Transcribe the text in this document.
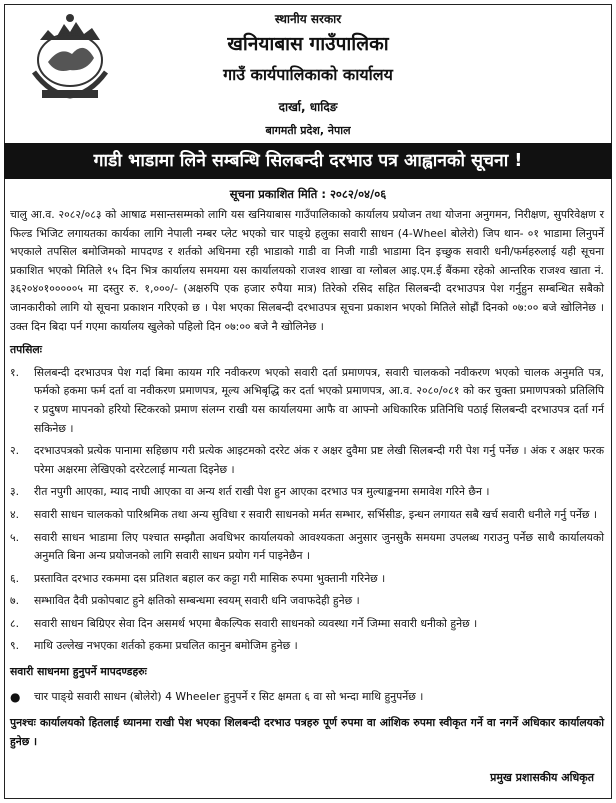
स्थानीय सरकार
खनियाबास गाउँपालिका
गाउँ कार्यपालिकाको कार्यालय
दार्खा, धादिङ
बागमती प्रदेश, नेपाल
गाडी भाडामा लिने सम्बन्धि सिलबन्दी दरभाउ पत्र आह्वानको सूचना !
सूचना प्रकाशित मिति : २०८२/०४/०६

चालु आ.व. २०८२/०८३ को आषाढ मसान्तसम्मको लागि यस खनियाबास गाउँपालिकाको कार्यालय प्रयोजन तथा योजना अनुगमन, निरीक्षण, सुपरिवेक्षण र फिल्ड भिजिट लगायतका कार्यका लागि नेपाली नम्बर प्लेट भएको चार पाङ्ग्रे हलुका सवारी साधन (4-Wheel बोलेरो) जिप थान- ०१ भाडामा लिनुपर्ने भएकाले तपसिल बमोजिमको मापदण्ड र शर्तको अधिनमा रही भाडाको गाडी वा निजी गाडी भाडामा दिन इच्छुक सवारी धनी/फर्महरुलाई यही सूचना प्रकाशित भएको मितिले १५ दिन भित्र कार्यालय समयमा यस कार्यालयको राजश्व शाखा वा ग्लोबल आइ.एम.ई बैंकमा रहेको आन्तरिक राजश्व खाता नं. ३६२०४०१०००००५ मा दस्तुर रु. १,०००/- (अक्षरुपि एक हजार रुपैया मात्र) तिरेको रसिद सहित सिलबन्दी दरभाउपत्र पेश गर्नुहुन सम्बन्धित सबैको जानकारीको लागि यो सूचना प्रकाशन गरिएको छ । पेश भएका सिलबन्दी दरभाउपत्र सूचना प्रकाशन भएको मितिले सोह्रौं दिनको ०७:०० बजे खोलिनेछ । उक्त दिन बिदा पर्न गएमा कार्यालय खुलेको पहिलो दिन ०७:०० बजे नै खोलिनेछ ।

तपसिलः
१.	सिलबन्दी दरभाउपत्र पेश गर्दा बिमा कायम गरि नवीकरण भएको सवारी दर्ता प्रमाणपत्र, सवारी चालकको नवीकरण भएको चालक अनुमति पत्र, फर्मको हकमा फर्म दर्ता वा नवीकरण प्रमाणपत्र, मूल्य अभिबृद्धि कर दर्ता भएको प्रमाणपत्र, आ.व. २०८०/०८१ को कर चुक्ता प्रमाणपत्रको प्रतिलिपि र प्रदुषण मापनको हरियो स्टिकरको प्रमाण संलग्न राखी यस कार्यालयमा आफै वा आफ्नो अधिकारिक प्रतिनिधि पठाई सिलबन्दी दरभाउपत्र दर्ता गर्न सकिनेछ ।
२.	दरभाउपत्रको प्रत्येक पानामा सहिछाप गरी प्रत्येक आइटमको दररेट अंक र अक्षर दुवैमा प्रष्ट लेखी सिलबन्दी गरी पेश गर्नु पर्नेछ । अंक र अक्षर फरक परेमा अक्षरमा लेखिएको दररेटलाई मान्यता दिइनेछ ।
३.	रीत नपुगी आएका, म्याद नाघी आएका वा अन्य शर्त राखी पेश हुन आएका दरभाउ पत्र मुल्याङ्कनमा समावेश गरिने छैन ।
४.	सवारी साधन चालकको पारिश्रमिक तथा अन्य सुविधा र सवारी साधनको मर्मत सम्भार, सर्भिसीङ, इन्धन लगायत सबै खर्च सवारी धनीले गर्नु पर्नेछ ।
५.	सवारी साधन भाडामा लिए पश्चात सम्झौता अवधिभर कार्यालयको आवश्यकता अनुसार जुनसुकै समयमा उपलब्ध गराउनु पर्नेछ साथै कार्यालयको अनुमति बिना अन्य प्रयोजनको लागि सवारी साधन प्रयोग गर्न पाइनेछैन ।
६.	प्रस्तावित दरभाउ रकममा दस प्रतिशत बहाल कर कट्टा गरी मासिक रुपमा भुक्तानी गरिनेछ ।
७.	सम्भावित दैवी प्रकोपबाट हुने क्षतिको सम्बन्धमा स्वयम् सवारी धनि जवाफदेही हुनेछ ।
८.	सवारी साधन बिग्रिएर सेवा दिन असमर्थ भएमा बैकल्पिक सवारी साधनको व्यवस्था गर्ने जिम्मा सवारी धनीको हुनेछ ।
९.	माथि उल्लेख नभएका शर्तको हकमा प्रचलित कानुन बमोजिम हुनेछ ।
सवारी साधनमा हुनुपर्ने मापदण्डहरुः
●	चार पाङ्ग्रे सवारी साधन (बोलेरो) 4 Wheeler हुनुपर्ने र सिट क्षमता ६ वा सो भन्दा माथि हुनुपर्नेछ ।

पुनश्चः कार्यालयको हितलाई ध्यानमा राखी पेश भएका शिलबन्दी दरभाउ पत्रहरु पूर्ण रुपमा वा आंशिक रुपमा स्वीकृत गर्ने वा नगर्ने अधिकार कार्यालयको हुनेछ ।

प्रमुख प्रशासकीय अधिकृत
